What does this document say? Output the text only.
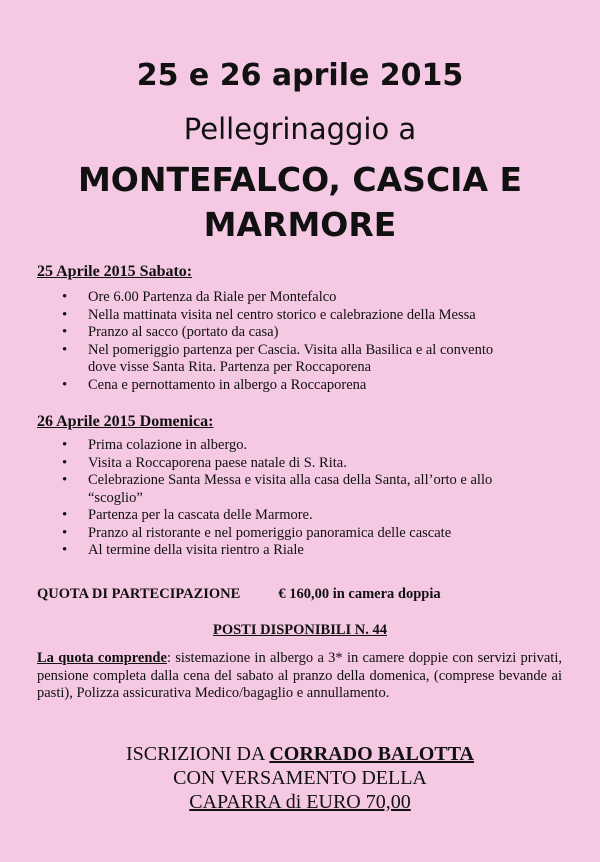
25 e 26 aprile 2015
Pellegrinaggio a
MONTEFALCO, CASCIA E
MARMORE
25 Aprile 2015 Sabato:
• Ore 6.00 Partenza da Riale per Montefalco
• Nella mattinata visita nel centro storico e calebrazione della Messa
• Pranzo al sacco (portato da casa)
• Nel pomeriggio partenza per Cascia. Visita alla Basilica e al convento
dove visse Santa Rita. Partenza per Roccaporena
• Cena e pernottamento in albergo a Roccaporena
26 Aprile 2015 Domenica:
• Prima colazione in albergo.
• Visita a Roccaporena paese natale di S. Rita.
• Celebrazione Santa Messa e visita alla casa della Santa, all’orto e allo
“scoglio”
• Partenza per la cascata delle Marmore.
• Pranzo al ristorante e nel pomeriggio panoramica delle cascate
• Al termine della visita rientro a Riale
QUOTA DI PARTECIPAZIONE	€ 160,00 in camera doppia
POSTI DISPONIBILI N. 44
La quota comprende: sistemazione in albergo a 3* in camere doppie con servizi privati, pensione completa dalla cena del sabato al pranzo della domenica, (comprese bevande ai pasti), Polizza assicurativa Medico/bagaglio e annullamento.
ISCRIZIONI DA CORRADO BALOTTA
CON VERSAMENTO DELLA
CAPARRA di EURO 70,00
